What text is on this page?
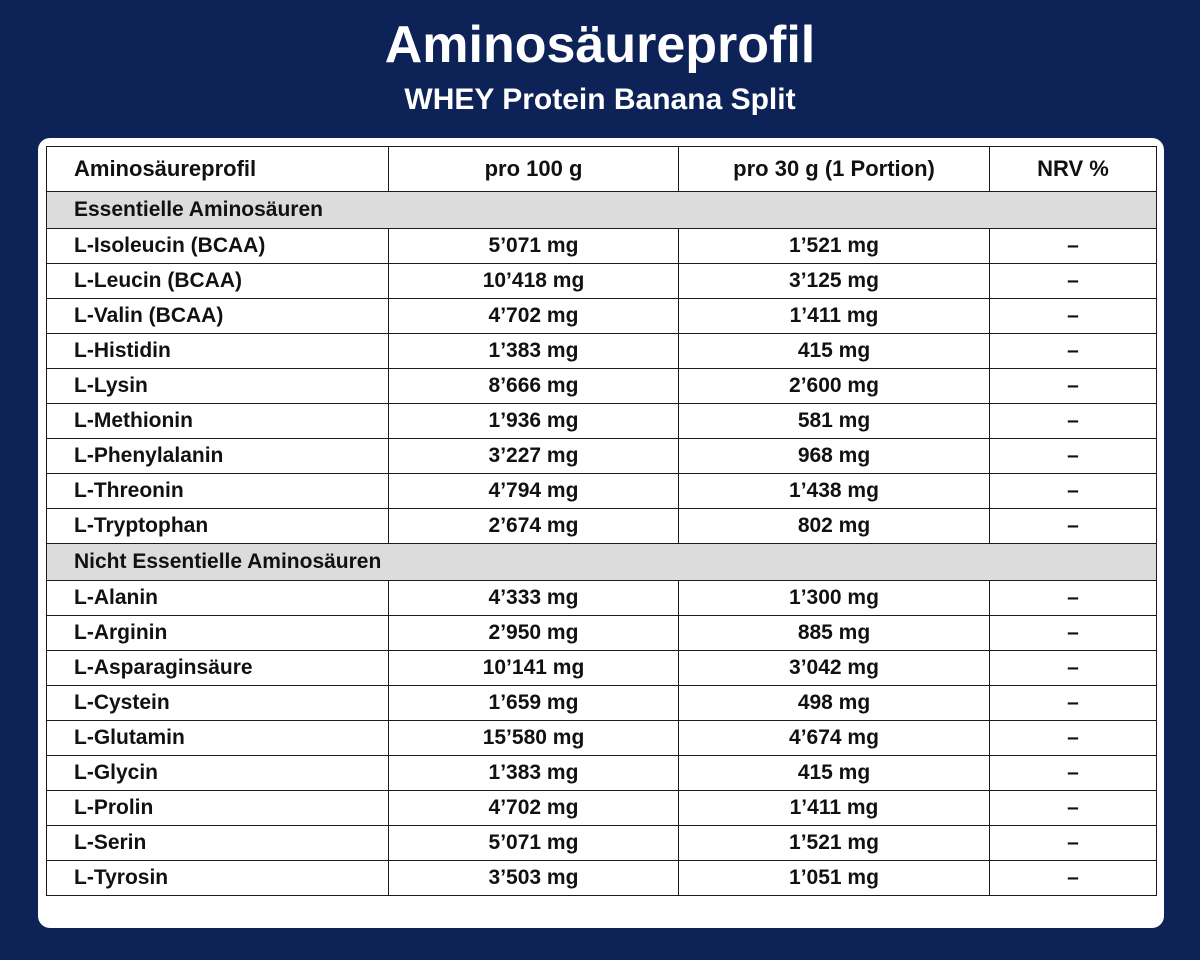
Aminosäureprofil
WHEY Protein Banana Split
Aminosäureprofil	pro 100 g	pro 30 g (1 Portion)	NRV %
Essentielle Aminosäuren			
L-Isoleucin (BCAA)	5’071 mg	1’521 mg	–
L-Leucin (BCAA)	10’418 mg	3’125 mg	–
L-Valin (BCAA)	4’702 mg	1’411 mg	–
L-Histidin	1’383 mg	415 mg	–
L-Lysin	8’666 mg	2’600 mg	–
L-Methionin	1’936 mg	581 mg	–
L-Phenylalanin	3’227 mg	968 mg	–
L-Threonin	4’794 mg	1’438 mg	–
L-Tryptophan	2’674 mg	802 mg	–
Nicht Essentielle Aminosäuren			
L-Alanin	4’333 mg	1’300 mg	–
L-Arginin	2’950 mg	885 mg	–
L-Asparaginsäure	10’141 mg	3’042 mg	–
L-Cystein	1’659 mg	498 mg	–
L-Glutamin	15’580 mg	4’674 mg	–
L-Glycin	1’383 mg	415 mg	–
L-Prolin	4’702 mg	1’411 mg	–
L-Serin	5’071 mg	1’521 mg	–
L-Tyrosin	3’503 mg	1’051 mg	–
